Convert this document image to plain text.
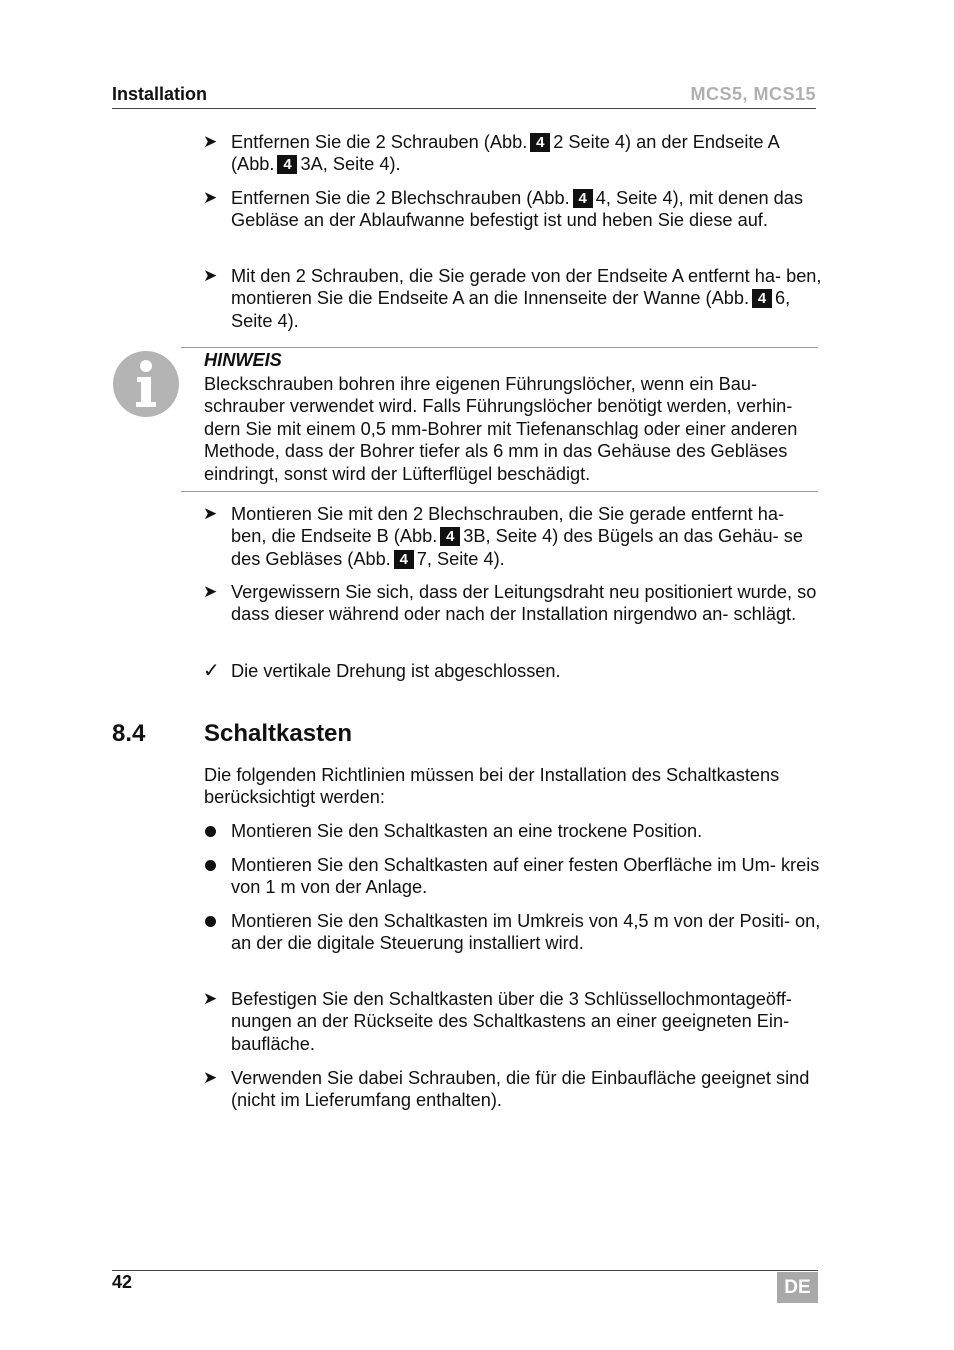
Installation	MCS5, MCS15
➤ Entfernen Sie die 2 Schrauben (Abb. 4 2 Seite 4) an der Endseite A (Abb. 4 3A, Seite 4).
➤ Entfernen Sie die 2 Blechschrauben (Abb. 4 4, Seite 4), mit denen das Gebläse an der Ablaufwanne befestigt ist und heben Sie diese auf.
➤ Mit den 2 Schrauben, die Sie gerade von der Endseite A entfernt ha- ben, montieren Sie die Endseite A an die Innenseite der Wanne (Abb. 4 6, Seite 4).
HINWEIS
Bleckschrauben bohren ihre eigenen Führungslöcher, wenn ein Bau- schrauber verwendet wird. Falls Führungslöcher benötigt werden, verhin- dern Sie mit einem 0,5 mm-Bohrer mit Tiefenanschlag oder einer anderen Methode, dass der Bohrer tiefer als 6 mm in das Gehäuse des Gebläses eindringt, sonst wird der Lüfterflügel beschädigt.
➤ Montieren Sie mit den 2 Blechschrauben, die Sie gerade entfernt ha- ben, die Endseite B (Abb. 4 3B, Seite 4) des Bügels an das Gehäu- se des Gebläses (Abb. 4 7, Seite 4).
➤ Vergewissern Sie sich, dass der Leitungsdraht neu positioniert wurde, so dass dieser während oder nach der Installation nirgendwo an- schlägt.
✓ Die vertikale Drehung ist abgeschlossen.
8.4 Schaltkasten
Die folgenden Richtlinien müssen bei der Installation des Schaltkastens berücksichtigt werden:
Montieren Sie den Schaltkasten an eine trockene Position.
Montieren Sie den Schaltkasten auf einer festen Oberfläche im Um- kreis von 1 m von der Anlage.
Montieren Sie den Schaltkasten im Umkreis von 4,5 m von der Positi- on, an der die digitale Steuerung installiert wird.
➤ Befestigen Sie den Schaltkasten über die 3 Schlüssellochmontageöff- nungen an der Rückseite des Schaltkastens an einer geeigneten Ein- baufläche.
➤ Verwenden Sie dabei Schrauben, die für die Einbaufläche geeignet sind (nicht im Lieferumfang enthalten).
42	DE
